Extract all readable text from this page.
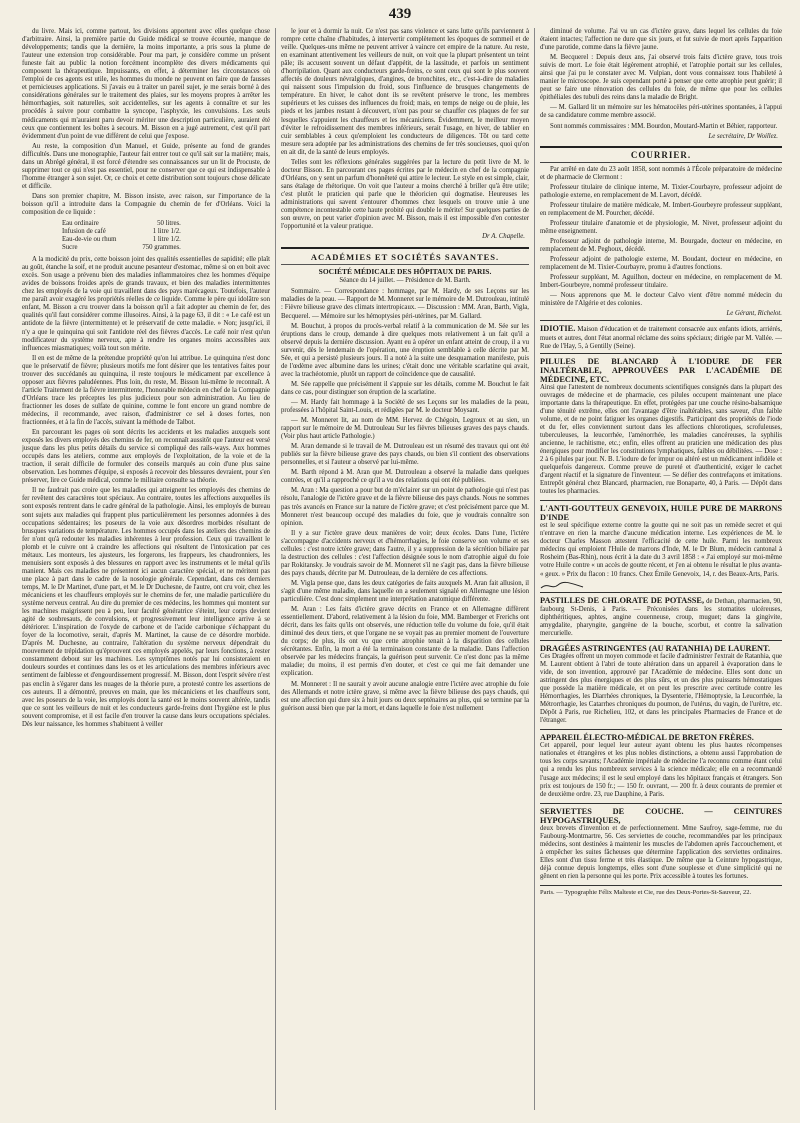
439

du livre. Mais ici, comme partout, les divisions apportent avec elles quelque chose d'arbitraire. Ainsi, la première partie du Guide médical se trouve écourtée, manque de développements; tandis que la dernière, la moins importante, a pris sous la plume de l'auteur une extension trop considérable. Pour ma part, je considère comme un présent funeste fait au public la notion forcément incomplète des divers médicaments qui composent la thérapeutique. Impuissants, en effet, à déterminer les circonstances où l'emploi de ces agents est utile, les hommes du monde ne peuvent en faire que de fausses et pernicieuses applications. Si j'avais eu à traiter un pareil sujet, je me serais borné à des considérations générales sur le traitement des plaies, sur les moyens propres à arrêter les hémorrhagies, soit naturelles, soit accidentelles, sur les agents à connaître et sur les procédés à suivre pour combattre la syncope, l'asphyxie, les convulsions. Les seuls médicaments qui m'auraient paru devoir mériter une description particulière, auraient été ceux que contiennent les boîtes à secours. M. Bisson en a jugé autrement, c'est qu'il part évidemment d'un point de vue différent de celui que j'expose.

Au reste, la composition d'un Manuel, et Guide, présente au fond de grandes difficultés. Dans une monographie, l'auteur fait entrer tout ce qu'il sait sur la matière; mais, dans un Abrégé général, il est forcé d'étendre ses connaissances sur un lit de Procuste, de supprimer tout ce qui n'est pas essentiel, pour ne conserver que ce qui est indispensable à l'homme étranger à son sujet. Or, ce choix et cette distribution sont toujours chose délicate et difficile.

Dans son premier chapitre, M. Bisson insiste, avec raison, sur l'importance de la boisson qu'il a introduite dans la Compagnie du chemin de fer d'Orléans. Voici la composition de ce liquide :

Eau ordinaire	50 litres.
Infusion de café	1 litre 1/2.
Eau-de-vie ou rhum	1 litre 1/2.
Sucre	750 grammes.

A la modicité du prix, cette boisson joint des qualités essentielles de sapidité; elle plaît au goût, étanche la soif, et ne produit aucune pesanteur d'estomac, même si on en boit avec excès. Son usage a prévenu bien des maladies inflammatoires chez les hommes d'équipe avides de boissons froides après de grands travaux, et bien des maladies intermittentes chez les employés de la voie qui travaillent dans des pays marécageux. Toutefois, l'auteur me paraît avoir exagéré les propriétés réelles de ce liquide. Comme le père qui idolâtre son enfant, M. Bisson a cru trouver dans la boisson qu'il a fait adopter au chemin de fer, des qualités qu'il faut considérer comme illusoires. Ainsi, à la page 63, il dit : « Le café est un antidote de la fièvre (intermittente) et le préservatif de cette maladie. » Non; jusqu'ici, il n'y a que le quinquina qui soit l'antidote réel des fièvres d'accès. Le café noir n'est qu'un modificateur du système nerveux, apte à rendre les organes moins accessibles aux influences miasmatiques; voilà tout son mérite.

Il en est de même de la prétendue propriété qu'on lui attribue. Le quinquina n'est donc que le préservatif de fièvre; plusieurs motifs me font désirer que les tentatives faites pour trouver des succédanés au quinquina, il reste toujours le médicament par excellence à opposer aux fièvres paludéennes. Plus loin, du reste, M. Bisson lui-même le reconnaît. A l'article Traitement de la fièvre intermittente, l'honorable médecin en chef de la Compagnie d'Orléans trace les préceptes les plus judicieux pour son administration. Au lieu de fractionner les doses de sulfate de quinine, comme le font encore un grand nombre de médecins, il recommande, avec raison, d'administrer ce sel à doses fortes, non fractionnées, et à la fin de l'accès, suivant la méthode de Talbot.

En parcourant les pages où sont décrits les accidents et les maladies auxquels sont exposés les divers employés des chemins de fer, on reconnaît aussitôt que l'auteur est versé jusque dans les plus petits détails du service si compliqué des rails-ways. Aux hommes occupés dans les ateliers, comme aux employés de l'exploitation, de la voie et de la traction, il serait difficile de formuler des conseils marqués au coin d'une plus saine observation. Les hommes d'équipe, si exposés à recevoir des blessures devraient, pour s'en préserver, lire ce Guide médical, comme le militaire consulte sa théorie.

Il ne faudrait pas croire que les maladies qui atteignent les employés des chemins de fer revêtent des caractères tout spéciaux. Au contraire, toutes les affections auxquelles ils sont exposés rentrent dans le cadre général de la pathologie. Ainsi, les employés de bureau sont sujets aux maladies qui frappent plus particulièrement les personnes adonnées à des occupations sédentaires; les poseurs de la voie aux désordres morbides résultant de brusques variations de température. Les hommes occupés dans les ateliers des chemins de fer n'ont qu'à redouter les maladies inhérentes à leur profession. Ceux qui travaillent le plomb et le cuivre ont à craindre les affections qui résultent de l'intoxication par ces métaux. Les monteurs, les ajusteurs, les forgerons, les frappeurs, les chaudronniers, les menuisiers sont exposés à des blessures en rapport avec les instruments et le métal qu'ils manient. Mais ces maladies ne présentent ici aucun caractère spécial, et ne méritent pas une place à part dans le cadre de la nosologie générale. Cependant, dans ces derniers temps, M. le Dr Martinet, d'une part, et M. le Dr Duchesne, de l'autre, ont cru voir, chez les mécaniciens et les chauffeurs employés sur le chemins de fer, une maladie particulière du système nerveux central. Au dire du premier de ces médecins, les hommes qui montent sur les machines maigrissent peu à peu, leur faculté génératrice s'éteint, leur corps devient agité de soubresauts, de convulsions, et progressivement leur intelligence arrive à se détériorer. L'inspiration de l'oxyde de carbone et de l'acide carbonique s'échappant du foyer de la locomotive, serait, d'après M. Martinet, la cause de ce désordre morbide. D'après M. Duchesne, au contraire, l'altération du système nerveux dépendrait du mouvement de trépidation qu'éprouvent ces employés appelés, par leurs fonctions, à rester constamment debout sur les machines. Les symptômes notés par lui consisteraient en douleurs sourdes et continues dans les os et les articulations des membres inférieurs avec sentiment de faiblesse et d'engourdissement progressif. M. Bisson, dont l'esprit sévère n'est pas enclin à s'égarer dans les nuages de la théorie pure, a protesté contre les assertions de ces auteurs. Il a démontré, preuves en main, que les mécaniciens et les chauffeurs sont, avec les poseurs de la voie, les employés dont la santé est le moins souvent altérée, tandis que ce sont les veilleurs de nuit et les conducteurs garde-freins dont l'hygiène est le plus souvent compromise, et il est facile d'en trouver la cause dans leurs occupations spéciales. Dès leur naissance, les hommes s'habituent à veiller

le jour et à dormir la nuit. Ce n'est pas sans violence et sans lutte qu'ils parviennent à rompre cette chaîne d'habitudes, à intervertir complètement les époques de sommeil et de veille. Quelques-uns même ne peuvent arriver à vaincre cet empire de la nature. Au reste, en examinant attentivement les veilleurs de nuit, on voit que la plupart présentent un teint pâle; ils accusent souvent un défaut d'appétit, de la lassitude, et parfois un sentiment d'horripilation. Quant aux conducteurs garde-freins, ce sont ceux qui sont le plus souvent affectés de douleurs névralgiques, d'angines, de bronchites, etc., c'est-à-dire de maladies qui naissent sous l'impulsion du froid, sous l'influence de brusques changements de température. En hiver, le cahot dont ils se revêtent préserve le tronc, les membres supérieurs et les cuisses des influences du froid; mais, en temps de neige ou de pluie, les pieds et les jambes restant à découvert, n'ont pas pour se chauffer ces plaques de fer sur lesquelles s'appuient les chauffeurs et les mécaniciens. Évidemment, le meilleur moyen d'éviter le refroidissement des membres inférieurs, serait l'usage, en hiver, de tablier en cuir semblables à ceux qu'emploient les conducteurs de diligences. Tôt ou tard cette mesure sera adoptée par les administrations des chemins de fer très soucieuses, quoi qu'on en ait dit, de la santé de leurs employés.

Telles sont les réflexions générales suggérées par la lecture du petit livre de M. le docteur Bisson. En parcourant ces pages écrites par le médecin en chef de la compagnie d'Orléans, on y sent un parfum d'honnêteté qui attire le lecteur. Le style en est simple, clair, sans étalage de rhétorique. On voit que l'auteur a moins cherché à briller qu'à être utile; c'est plutôt le praticien qui parle que le théoricien qui dogmatise. Heureuses les administrations qui savent s'entourer d'hommes chez lesquels on trouve unie à une compétence incontestable cette haute probité qui double le mérite! Sur quelques parties de son œuvre, on peut varier d'opinion avec M. Bisson, mais il est impossible d'en contester l'opportunité et la valeur pratique.

Dr A. Chapelle.

ACADÉMIES ET SOCIÉTÉS SAVANTES.
SOCIÉTÉ MÉDICALE DES HÔPITAUX DE PARIS.
Séance du 14 juillet. — Présidence de M. Barth.

Sommaire. — Correspondance : hommage, par M. Hardy, de ses Leçons sur les maladies de la peau. — Rapport de M. Monneret sur le mémoire de M. Dutrouleau, intitulé : Fièvre bilieuse grave des climats intertropicaux. — Discussion : MM. Aran, Barth, Vigla, Becquerel. — Mémoire sur les hémoptysies péri-utérines, par M. Gallard.

M. Bouchut, à propos du procès-verbal relatif à la communication de M. Sée sur les éruptions dans le croup, demande à dire quelques mots relativement à un fait qu'il a observé depuis la dernière discussion. Ayant eu à opérer un enfant atteint de croup, il a vu survenir, dès le lendemain de l'opération, une éruption semblable à celle décrite par M. Sée, et qui a persisté plusieurs jours. Il a noté à la suite une desquamation manifeste, puis de l'œdème avec albumine dans les urines; c'était donc une véritable scarlatine qui avait, avec la trachéotomie, plutôt un rapport de coïncidence que de causalité.

M. Sée rappelle que précisément il s'appuie sur les détails, comme M. Bouchut le fait dans ce cas, pour distinguer son éruption de la scarlatine.

— M. Hardy fait hommage à la Société de ses Leçons sur les maladies de la peau, professées à l'hôpital Saint-Louis, et rédigées par M. le docteur Moysant.

— M. Monneret lit, au nom de MM. Hervez de Chégoin, Legroux et au sien, un rapport sur le mémoire de M. Dutrouleau Sur les fièvres bilieuses graves des pays chauds. (Voir plus haut article Pathologie.)

M. Aran demande si le travail de M. Dutrouleau est un résumé des travaux qui ont été publiés sur la fièvre bilieuse grave des pays chauds, ou bien s'il contient des observations personnelles, et si l'auteur a observé par lui-même.

M. Barth répond à M. Aran que M. Dutrouleau a observé la maladie dans quelques contrées, et qu'il a rapproché ce qu'il a vu des relations qui ont été publiées.

M. Aran : Ma question a pour but de m'éclairer sur un point de pathologie qui n'est pas résolu, l'analogie de l'ictère grave et de la fièvre bilieuse des pays chauds. Nous ne sommes pas très avancés en France sur la nature de l'ictère grave; et c'est précisément parce que M. Monneret n'est beaucoup occupé des maladies du foie, que je voudrais connaître son opinion.

Il y a sur l'ictère grave deux manières de voir; deux écoles. Dans l'une, l'ictère s'accompagne d'accidents nerveux et d'hémorrhagies, le foie conserve son volume et ses cellules : c'est notre ictère grave; dans l'autre, il y a suppression de la sécrétion biliaire par la destruction des cellules : c'est l'affection désignée sous le nom d'atrophie aiguë du foie par Rokitansky. Je voudrais savoir de M. Monneret s'il ne s'agit pas, dans la fièvre bilieuse des pays chauds, décrite par M. Dutrouleau, de la dernière de ces affections.

M. Vigla pense que, dans les deux catégories de faits auxquels M. Aran fait allusion, il s'agit d'une même maladie, dans laquelle on a seulement signalé en Allemagne une lésion particulière. C'est donc simplement une interprétation anatomique différente.

M. Aran : Les faits d'ictère grave décrits en France et en Allemagne diffèrent essentiellement. D'abord, relativement à la lésion du foie, MM. Bamberger et Frerichs ont décrit, dans les faits qu'ils ont observés, une réduction telle du volume du foie, qu'il était diminué des deux tiers, et que l'organe ne se voyait pas au premier moment de l'ouverture du corps; de plus, ils ont vu que cette atrophie tenait à la disparition des cellules sécrétantes. Enfin, la mort a été la terminaison constante de la maladie. Dans l'affection observée par les médecins français, la guérison peut survenir. Ce n'est donc pas la même maladie; du moins, il est permis d'en douter, et c'est ce qui me fait demander une explication.

M. Monneret : Il ne saurait y avoir aucune analogie entre l'ictère avec atrophie du foie des Allemands et notre ictère grave, si même avec la fièvre bilieuse des pays chauds, qui est une affection qui dure six à huit jours ou deux septénaires au plus, qui se termine par la guérison aussi bien que par la mort, et dans laquelle le foie n'est nullement

diminué de volume. J'ai vu un cas d'ictère grave, dans lequel les cellules du foie étaient intactes; l'affection ne dure que six jours, et fut suivie de mort après l'apparition d'une parotide, comme dans la fièvre jaune.

M. Becquerel : Depuis deux ans, j'ai observé trois faits d'ictère grave, tous trois suivis de mort. Le foie était légèrement atrophié, et l'atrophie portait sur les cellules, ainsi que j'ai pu le constater avec M. Vulpian, dont vous connaissez tous l'habileté à manier le microscope. Je suis cependant porté à penser que cette atrophie peut guérir; il peut se faire une rénovation des cellules du foie, de même que pour les cellules épithéliales des tubuli des reins dans la maladie de Bright.

— M. Gallard lit un mémoire sur les hématocèles péri-utérines spontanées, à l'appui de sa candidature comme membre associé.

Sont nommés commissaires : MM. Bourdon, Moutard-Martin et Béhier, rapporteur.

Le secrétaire, Dr Woillez.

COURRIER.

Par arrêté en date du 23 août 1858, sont nommés à l'École préparatoire de médecine et de pharmacie de Clermont :

Professeur titulaire de clinique interne, M. Tixier-Courbayre, professeur adjoint de pathologie externe, en remplacement de M. Lavort, décédé.

Professeur titulaire de matière médicale, M. Imbert-Gourbeyre professeur suppléant, en remplacement de M. Pourcher, décédé.

Professeur titulaire d'anatomie et de physiologie, M. Nivet, professeur adjoint du même enseignement.

Professeur adjoint de pathologie interne, M. Bourgade, docteur en médecine, en remplacement de M. Peghoux, décédé.

Professeur adjoint de pathologie externe, M. Boudant, docteur en médecine, en remplacement de M. Tixier-Courbayre, promu à d'autres fonctions.

Professeur suppléant, M. Aguilhon, docteur en médecine, en remplacement de M. Imbert-Gourbeyre, nommé professeur titulaire.

— Nous apprenons que M. le docteur Calvo vient d'être nommé médecin du ministère de l'Algérie et des colonies.

Le Gérant, Richelot.
IDIOTIE. Maison d'éducation et de traitement consacrée aux enfants idiots, arriérés, muets et autres, dont l'état anormal réclame des soins spéciaux; dirigée par M. Vallée. — Rue de l'Hay, 5, à Gentilly (Seine).
PILULES DE BLANCARD À L'IODURE DE FER INALTÉRABLE, APPROUVÉES PAR L'ACADÉMIE DE MÉDECINE, ETC.

Ainsi que l'attestent de nombreux documents scientifiques consignés dans la plupart des ouvrages de médecine et de pharmacie, ces pilules occupent maintenant une place importante dans la thérapeutique. En effet, protégées par une couche résino-balsamique d'une ténuité extrême, elles ont l'avantage d'être inaltérables, sans saveur, d'un faible volume, et de ne point fatiguer les organes digestifs. Participant des propriétés de l'iode et du fer, elles conviennent surtout dans les affections chlorotiques, scrofuleuses, tuberculeuses, la leucorrhée, l'aménorrhée, les maladies cancéreuses, la syphilis ancienne, le rachitisme, etc.; enfin, elles offrent au praticien une médication des plus énergiques pour modifier les constitutions lymphatiques, faibles ou débilitées. — Dose : 2 à 6 pilules par jour. N. B. L'iodure de fer impur ou altéré est un médicament infidèle et quelquefois dangereux. Comme preuve de pureté et d'authenticité, exiger le cachet d'argent réactif et la signature de l'inventeur. — Se défier des contrefaçons et imitations. Entrepôt général chez Blancard, pharmacien, rue Bonaparte, 40, à Paris. — Dépôt dans toutes les pharmacies.

L'ANTI-GOUTTEUX GENEVOIX, HUILE PURE DE MARRONS D'INDE

est le seul spécifique externe contre la goutte qui ne soit pas un remède secret et qui n'entrave en rien la marche d'aucune médication interne. Les expériences de M. le docteur Charles Masson attestent l'efficacité de cette huile. Parmi les nombreux médecins qui emploient l'Huile de marrons d'Inde, M. le Dr Blum, médecin cantonal à Rosheim (Bas-Rhin), nous écrit à la date du 3 avril 1858 : « J'ai employé sur moi-même votre Huile contre « un accès de goutte récent, et j'en ai obtenu le résultat le plus avanta- « geux. » Prix du flacon : 10 francs. Chez Émile Genevoix, 14, r. des Beaux-Arts, Paris.

PASTILLES DE CHLORATE DE POTASSE, de Dethan, pharmacien, 90, faubourg St-Denis, à Paris. — Préconisées dans les stomatites ulcéreuses, diphthéritiques, aphtes, angine couenneuse, croup, muguet; dans la gingivite, amygdalite, pharyngite, gangrène de la bouche, scorbut, et contre la salivation mercurielle.
DRAGÉES ASTRINGENTES (AU RATANHIA) DE LAURENT.

Ces Dragées offrent un moyen commode et facile d'administrer l'extrait de Ratanhia, que M. Laurent obtient à l'abri de toute altération dans un appareil à évaporation dans le vide, de son invention, approuvé par l'Académie de médecine. Elles sont donc un astringent des plus énergiques et des plus sûrs, et un des plus puissants hémostatiques que possède la matière médicale, et on peut les prescrire avec certitude contre les Hémorrhagies, les Diarrhées chroniques, la Dysenterie, l'Hémoptysie, la Leucorrhée, la Métrorrhagie, les Catarrhes chroniques du poumon, de l'utérus, du vagin, de l'urètre, etc. Dépôt à Paris, rue Richelieu, 102, et dans les principales Pharmacies de France et de l'étranger.

APPAREIL ÉLECTRO-MÉDICAL DE BRETON FRÈRES.

Cet appareil, pour lequel leur auteur ayant obtenu les plus hautes récompenses nationales et étrangères et les plus nobles distinctions, a obtenu aussi l'approbation de tous les corps savants; l'Académie impériale de médecine l'a reconnu comme étant celui qui a rendu les plus nombreux services à la science médicale; elle en a recommandé l'usage aux médecins; il est le seul employé dans les hôpitaux français et étrangers. Son prix est toujours de 150 fr.; — 150 fr. ouvrant, — 200 fr. à deux courants de premier et de deuxième ordre. 23, rue Dauphine, à Paris.

SERVIETTES DE COUCHE. — CEINTURES HYPOGASTRIQUES,

deux brevets d'invention et de perfectionnement. Mme Saufroy, sage-femme, rue du Faubourg-Montmartre, 56. Ces serviettes de couche, recommandées par les principaux médecins, sont destinées à maintenir les muscles de l'abdomen après l'accouchement, et à empêcher les suites fâcheuses que détermine l'application des serviettes ordinaires. Elles sont d'un tissu ferme et très élastique. De même que la Ceinture hypogastrique, déjà connue depuis longtemps, elles sont d'une souplesse et d'une simplicité qui ne gênent en rien la personne qui les porte. Prix accessible à toutes les fortunes.

Paris. — Typographie Félix Malteste et Cie, rue des Deux-Portes-St-Sauveur, 22.
